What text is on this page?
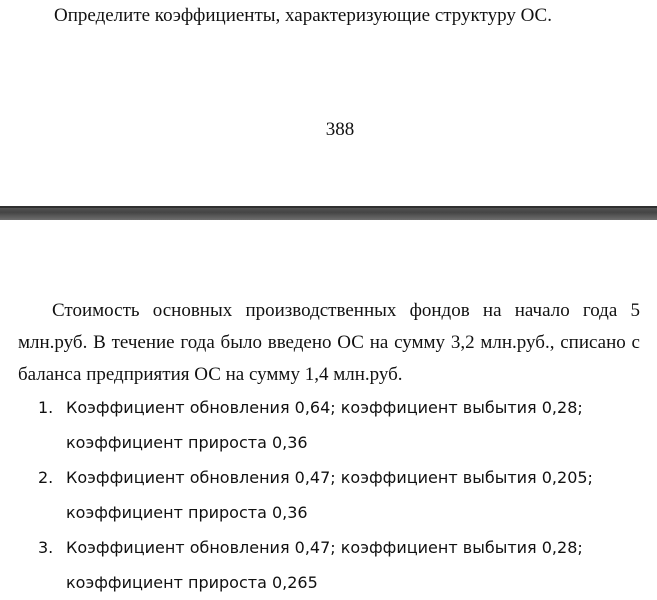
Определите коэффициенты, характеризующие структуру ОС.
388
Стоимость основных производственных фондов на начало года 5 млн.руб. В течение года было введено ОС на сумму 3,2 млн.руб., списано с баланса предприятия ОС на сумму 1,4 млн.руб.
1. Коэффициент обновления 0,64; коэффициент выбытия 0,28;
коэффициент прироста 0,36
2. Коэффициент обновления 0,47; коэффициент выбытия 0,205;
коэффициент прироста 0,36
3. Коэффициент обновления 0,47; коэффициент выбытия 0,28;
коэффициент прироста 0,265
